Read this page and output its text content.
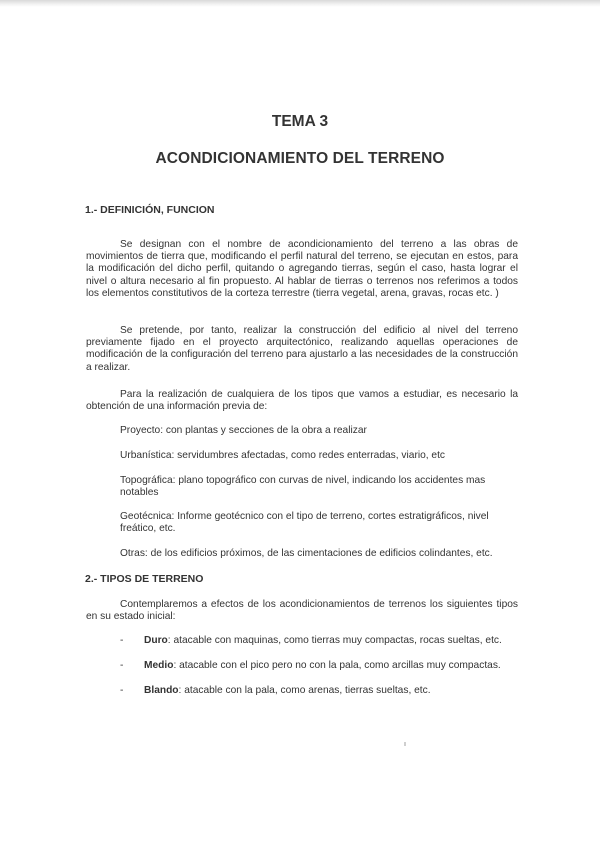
TEMA 3
ACONDICIONAMIENTO DEL TERRENO
1.- DEFINICIÓN, FUNCION
Se designan con el nombre de acondicionamiento del terreno a las obras de movimientos de tierra que, modificando el perfil natural del terreno, se ejecutan en estos, para la modificación del dicho perfil, quitando o agregando tierras, según el caso, hasta lograr el nivel o altura necesario al fin propuesto. Al hablar de tierras o terrenos nos referimos a todos los elementos constitutivos de la corteza terrestre (tierra vegetal, arena, gravas, rocas etc. )
Se pretende, por tanto, realizar la construcción del edificio al nivel del terreno previamente fijado en el proyecto arquitectónico, realizando aquellas operaciones de modificación de la configuración del terreno para ajustarlo a las necesidades de la construcción a realizar.
Para la realización de cualquiera de los tipos que vamos a estudiar, es necesario la obtención de una información previa de:
Proyecto: con plantas y secciones de la obra a realizar
Urbanística: servidumbres afectadas, como redes enterradas, viario, etc
Topográfica: plano topográfico con curvas de nivel, indicando los accidentes mas notables
Geotécnica: Informe geotécnico con el tipo de terreno, cortes estratigráficos, nivel freático, etc.
Otras: de los edificios próximos, de las cimentaciones de edificios colindantes, etc.
2.- TIPOS DE TERRENO
Contemplaremos a efectos de los acondicionamientos de terrenos los siguientes tipos en su estado inicial:
- Duro: atacable con maquinas, como tierras muy compactas, rocas sueltas, etc.
- Medio: atacable con el pico pero no con la pala, como arcillas muy compactas.
- Blando: atacable con la pala, como arenas, tierras sueltas, etc.
